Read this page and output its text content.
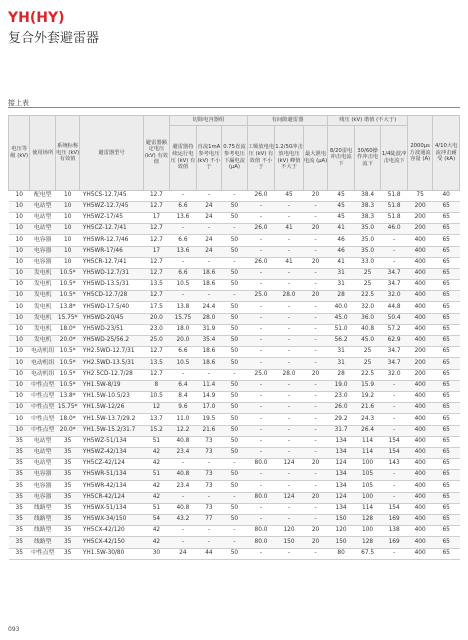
YH(HY)
复合外套避雷器
接上表
电压等级 (kV)	使用场所	系统标称电压 (kV) 有效值	避雷器型号	避雷器额定电压 (kV) 有效值	切除电容器组			有间隙避雷器			残压 (kV) 谐值 (不大于)			2000μs方波通流容量 (A)	4/10大电流冲击耐受 (kA)
					避雷器持续运行电压 (kV) 有效值	直流1mA参考电压 (kV) 不小于	0.75直流参考电压下漏电流 (μA)	工频放电电压 (kV) 有效值 不小于	1.2/50冲击放电电压 (kV) 峰值 不大于	最大泄电电流 (μA)	8/20雷电冲击电流下	30/60操作冲击电流下	1/4陡波冲击电流下		
10	配电型	10	YH5CS-12.7/45	12.7	-	-	-	26.0	45	20	45	38.4	51.8	75	40
10	电站型	10	YH5WZ-12.7/45	12.7	6.6	24	50	-	-	-	45	38.3	51.8	200	65
10	电站型	10	YH5WZ-17/45	17	13.6	24	50	-	-	-	45	38.3	51.8	200	65
10	电站型	10	YH5CZ-12.7/41	12.7	-	-	-	26.0	41	20	41	35.0	46.0	200	65
10	电容器	10	YH5WR-12.7/46	12.7	6.6	24	50	-	-	-	46	35.0	-	400	65
10	电容器	10	YH5WR-17/46	17	13.6	24	50	-	-	-	46	35.0	-	400	65
10	电容器	10	YH5CR-12.7/41	12.7	-	-	-	26.0	41	20	41	33.0	-	400	65
10	发电机	10.5*	YH5WD-12.7/31	12.7	6.6	18.6	50	-	-	-	31	25	34.7	400	65
10	发电机	10.5*	YH5WD-13.5/31	13.5	10.5	18.6	50	-	-	-	31	25	34.7	400	65
10	发电机	10.5*	YH5CD-12.7/28	12.7	-	-	-	25.0	28.0	20	28	22.5	32.0	400	65
10	发电机	13.8*	YH5WD-17.5/40	17.5	13.8	24.4	50	-	-	-	40.0	32.0	44.8	400	65
10	发电机	15.75*	YH5WD-20/45	20.0	15.75	28.0	50	-	-	-	45.0	36.0	50.4	400	65
10	发电机	18.0*	YH5WD-23/51	23.0	18.0	31.9	50	-	-	-	51.0	40.8	57.2	400	65
10	发电机	20.0*	YH5WD-25/56.2	25.0	20.0	35.4	50	-	-	-	56.2	45.0	62.9	400	65
10	电动机组	10.5*	YH2.5WD-12.7/31	12.7	6.6	18.6	50	-	-	-	31	25	34.7	200	65
10	电动机组	10.5*	YH2.5WD-13.5/31	13.5	10.5	18.6	50	-	-	-	31	25	34.7	200	65
10	电动机组	10.5*	YH2.5CD-12.7/28	12.7	-	-	-	25.0	28.0	20	28	22.5	32.0	200	65
10	中性点型	10.5*	YH1.5W-8/19	8	6.4	11.4	50	-	-	-	19.0	15.9	-	400	65
10	中性点型	13.8*	YH1.5W-10.5/23	10.5	8.4	14.9	50	-	-	-	23.0	19.2	-	400	65
10	中性点型	15.75*	YH1.5W-12/26	12	9.6	17.0	50	-	-	-	26.0	21.6	-	400	65
10	中性点型	18.0*	YH1.5W-13.7/29.2	13.7	11.0	19.5	50	-	-	-	29.2	24.3	-	400	65
10	中性点型	20.0*	YH1.5W-15.2/31.7	15.2	12.2	21.6	50	-	-	-	31.7	26.4	-	400	65
35	电站型	35	YH5WZ-51/134	51	40.8	73	50	-	-	-	134	114	154	400	65
35	电站型	35	YH5WZ-42/134	42	23.4	73	50	-	-	-	134	114	154	400	65
35	电站型	35	YH5CZ-42/124	42	-	-	-	80.0	124	20	124	100	143	400	65
35	电容器	35	YH5WR-51/134	51	40.8	73	50	-	-	-	134	105	-	400	65
35	电容器	35	YH5WR-42/134	42	23.4	73	50	-	-	-	134	105	-	400	65
35	电容器	35	YH5CR-42/124	42	-	-	-	80.0	124	20	124	100	-	400	65
35	线路型	35	YH5WX-51/134	51	40.8	73	50	-	-	-	134	114	154	400	65
35	线路型	35	YH5WX-34/150	54	43.2	77	50	-	-	-	150	128	169	400	65
35	线路型	35	YH5CX-42/120	42	-	-	-	80.0	120	20	120	100	138	400	65
35	线路型	35	YH5CX-42/150	42	-	-	-	80.0	150	20	150	128	169	400	65
35	中性点型	35	YH1.5W-30/80	30	24	44	50	-	-	-	80	67.5	-	400	65
093
